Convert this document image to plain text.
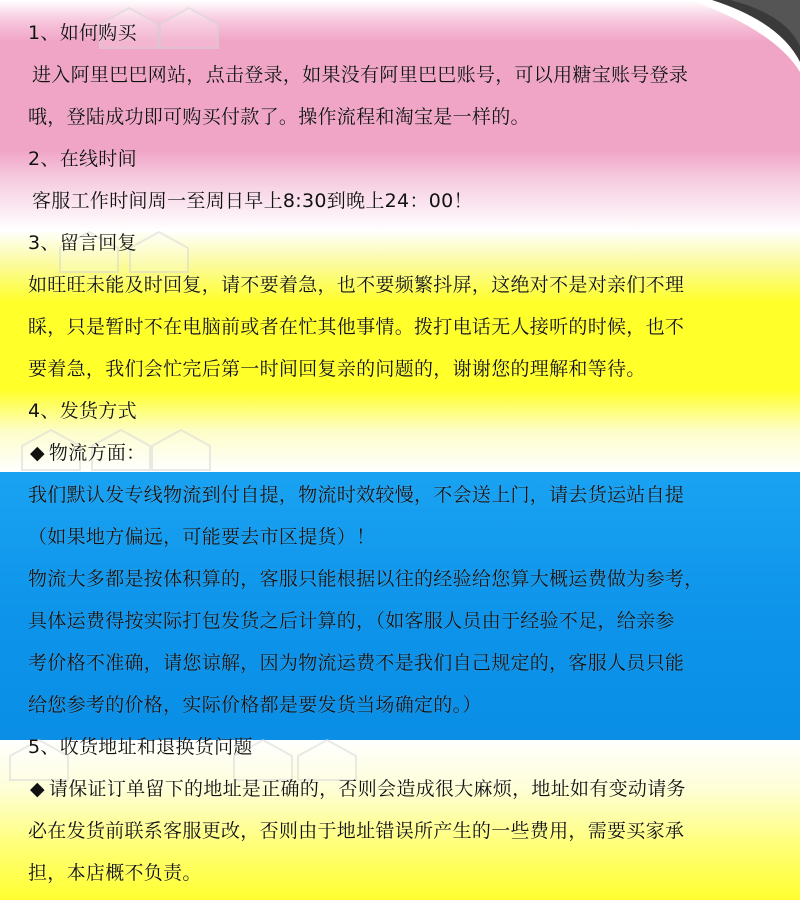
1、如何购买
进入阿里巴巴网站，点击登录，如果没有阿里巴巴账号，可以用糖宝账号登录
哦，登陆成功即可购买付款了。操作流程和淘宝是一样的。
2、在线时间
客服工作时间周一至周日早上8:30到晚上24：00！
3、留言回复
如旺旺未能及时回复，请不要着急，也不要频繁抖屏，这绝对不是对亲们不理
睬，只是暂时不在电脑前或者在忙其他事情。拨打电话无人接听的时候，也不
要着急，我们会忙完后第一时间回复亲的问题的，谢谢您的理解和等待。
4、发货方式
◆ 物流方面：
我们默认发专线物流到付自提，物流时效较慢，不会送上门，请去货运站自提
（如果地方偏远，可能要去市区提货）！
物流大多都是按体积算的，客服只能根据以往的经验给您算大概运费做为参考，
具体运费得按实际打包发货之后计算的，（如客服人员由于经验不足，给亲参
考价格不准确，请您谅解，因为物流运费不是我们自己规定的，客服人员只能
给您参考的价格，实际价格都是要发货当场确定的。）
5、收货地址和退换货问题
◆ 请保证订单留下的地址是正确的，否则会造成很大麻烦，地址如有变动请务
必在发货前联系客服更改，否则由于地址错误所产生的一些费用，需要买家承
担，本店概不负责。
